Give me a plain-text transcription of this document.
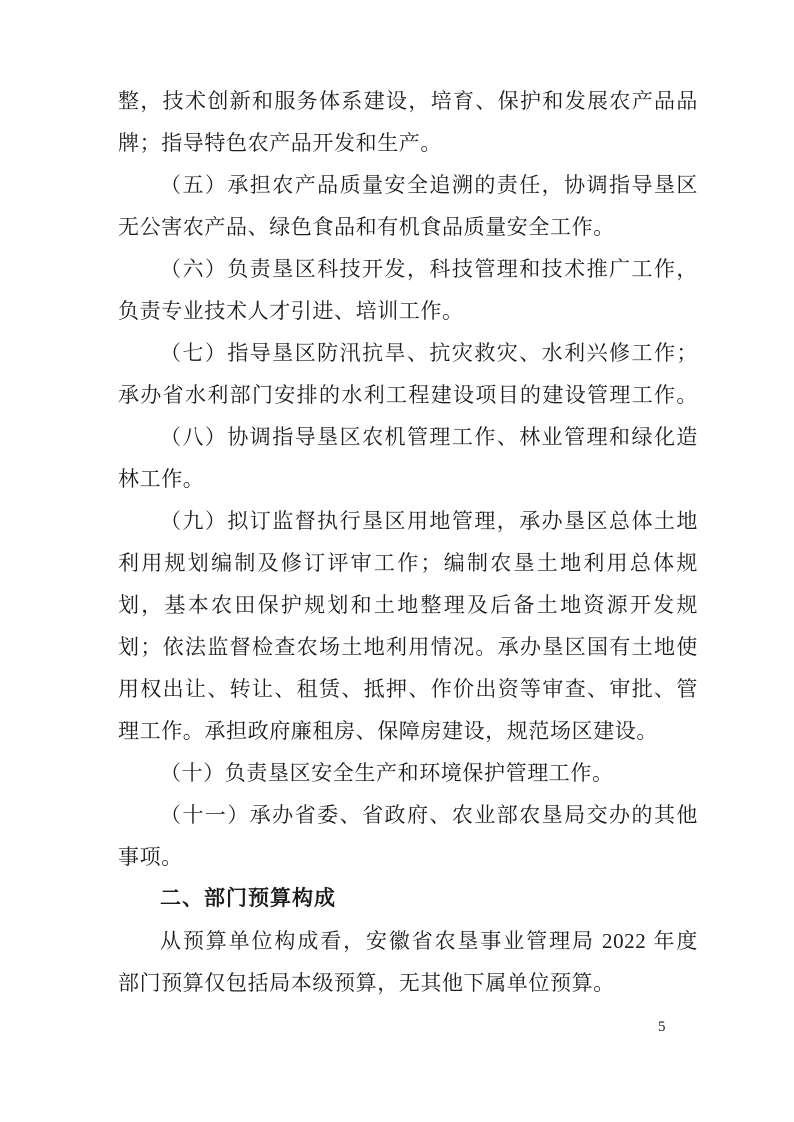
整，技术创新和服务体系建设，培育、保护和发展农产品品
牌；指导特色农产品开发和生产。
（五）承担农产品质量安全追溯的责任，协调指导垦区
无公害农产品、绿色食品和有机食品质量安全工作。
（六）负责垦区科技开发，科技管理和技术推广工作，
负责专业技术人才引进、培训工作。
（七）指导垦区防汛抗旱、抗灾救灾、水利兴修工作；
承办省水利部门安排的水利工程建设项目的建设管理工作。
（八）协调指导垦区农机管理工作、林业管理和绿化造
林工作。
（九）拟订监督执行垦区用地管理，承办垦区总体土地
利用规划编制及修订评审工作；编制农垦土地利用总体规
划，基本农田保护规划和土地整理及后备土地资源开发规
划；依法监督检查农场土地利用情况。承办垦区国有土地使
用权出让、转让、租赁、抵押、作价出资等审查、审批、管
理工作。承担政府廉租房、保障房建设，规范场区建设。
（十）负责垦区安全生产和环境保护管理工作。
（十一）承办省委、省政府、农业部农垦局交办的其他
事项。
二、部门预算构成
从预算单位构成看，安徽省农垦事业管理局 2022 年度
部门预算仅包括局本级预算，无其他下属单位预算。
5
